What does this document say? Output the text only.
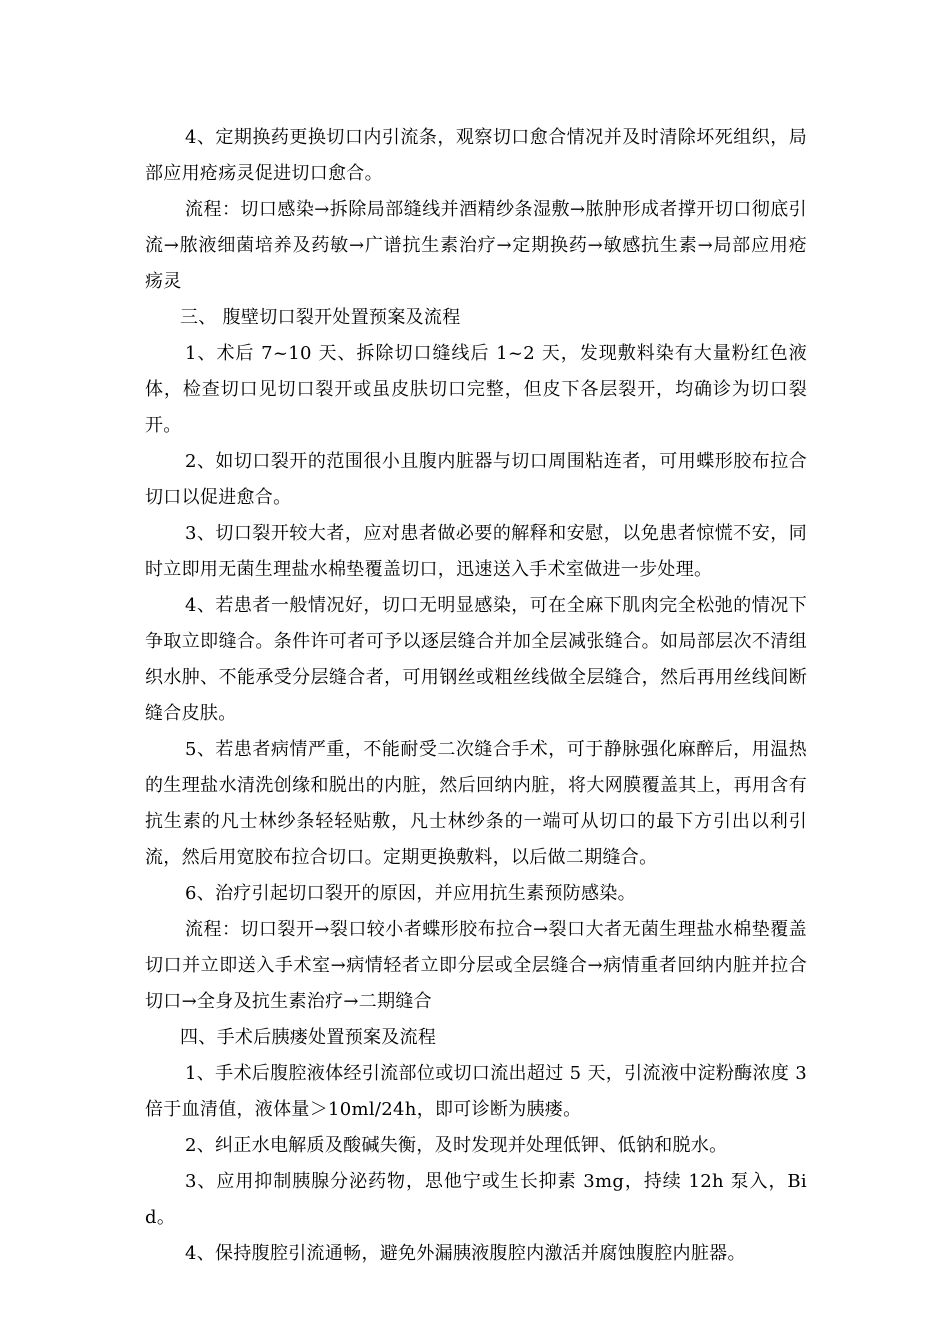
4、定期换药更换切口内引流条，观察切口愈合情况并及时清除坏死组织，局部应用疮疡灵促进切口愈合。

流程：切口感染→拆除局部缝线并酒精纱条湿敷→脓肿形成者撑开切口彻底引流→脓液细菌培养及药敏→广谱抗生素治疗→定期换药→敏感抗生素→局部应用疮疡灵

三、 腹壁切口裂开处置预案及流程

1、术后 7~10 天、拆除切口缝线后 1~2 天，发现敷料染有大量粉红色液体，检查切口见切口裂开或虽皮肤切口完整，但皮下各层裂开，均确诊为切口裂开。

2、如切口裂开的范围很小且腹内脏器与切口周围粘连者，可用蝶形胶布拉合切口以促进愈合。

3、切口裂开较大者，应对患者做必要的解释和安慰，以免患者惊慌不安，同时立即用无菌生理盐水棉垫覆盖切口，迅速送入手术室做进一步处理。

4、若患者一般情况好，切口无明显感染，可在全麻下肌肉完全松弛的情况下争取立即缝合。条件许可者可予以逐层缝合并加全层减张缝合。如局部层次不清组织水肿、不能承受分层缝合者，可用钢丝或粗丝线做全层缝合，然后再用丝线间断缝合皮肤。

5、若患者病情严重，不能耐受二次缝合手术，可于静脉强化麻醉后，用温热的生理盐水清洗创缘和脱出的内脏，然后回纳内脏，将大网膜覆盖其上，再用含有抗生素的凡士林纱条轻轻贴敷，凡士林纱条的一端可从切口的最下方引出以利引流，然后用宽胶布拉合切口。定期更换敷料，以后做二期缝合。

6、治疗引起切口裂开的原因，并应用抗生素预防感染。

流程：切口裂开→裂口较小者蝶形胶布拉合→裂口大者无菌生理盐水棉垫覆盖切口并立即送入手术室→病情轻者立即分层或全层缝合→病情重者回纳内脏并拉合切口→全身及抗生素治疗→二期缝合

四、手术后胰瘘处置预案及流程

1、手术后腹腔液体经引流部位或切口流出超过 5 天，引流液中淀粉酶浓度 3 倍于血清值，液体量＞10ml/24h，即可诊断为胰瘘。

2、纠正水电解质及酸碱失衡，及时发现并处理低钾、低钠和脱水。

3、应用抑制胰腺分泌药物，思他宁或生长抑素 3mg，持续 12h 泵入，Bid。

4、保持腹腔引流通畅，避免外漏胰液腹腔内激活并腐蚀腹腔内脏器。
